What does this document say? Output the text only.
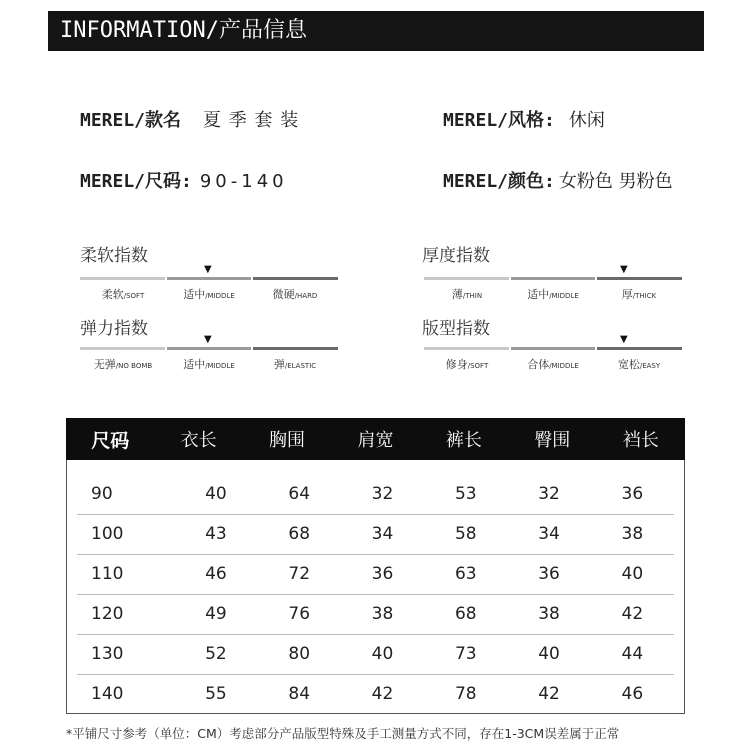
INFORMATION/产品信息
MEREL/款名 夏 季 套 装	MEREL/风格: 休闲
MEREL/尺码: 90-140	MEREL/颜色: 女粉色 男粉色
柔软指数
▼
柔软/SOFT	适中/MIDDLE	微硬/HARD
厚度指数
▼
薄/THIN	适中/MIDDLE	厚/THICK
弹力指数
▼
无弹/NO BOMB	适中/MIDDLE	弹/ELASTIC
版型指数
▼
修身/SOFT	合体/MIDDLE	宽松/EASY
尺码	衣长	胸围	肩宽	裤长	臀围	裆长
90	40	64	32	53	32	36
100	43	68	34	58	34	38
110	46	72	36	63	36	40
120	49	76	38	68	38	42
130	52	80	40	73	40	44
140	55	84	42	78	42	46
*平铺尺寸参考（单位：CM）考虑部分产品版型特殊及手工测量方式不同，存在1-3CM误差属于正常
